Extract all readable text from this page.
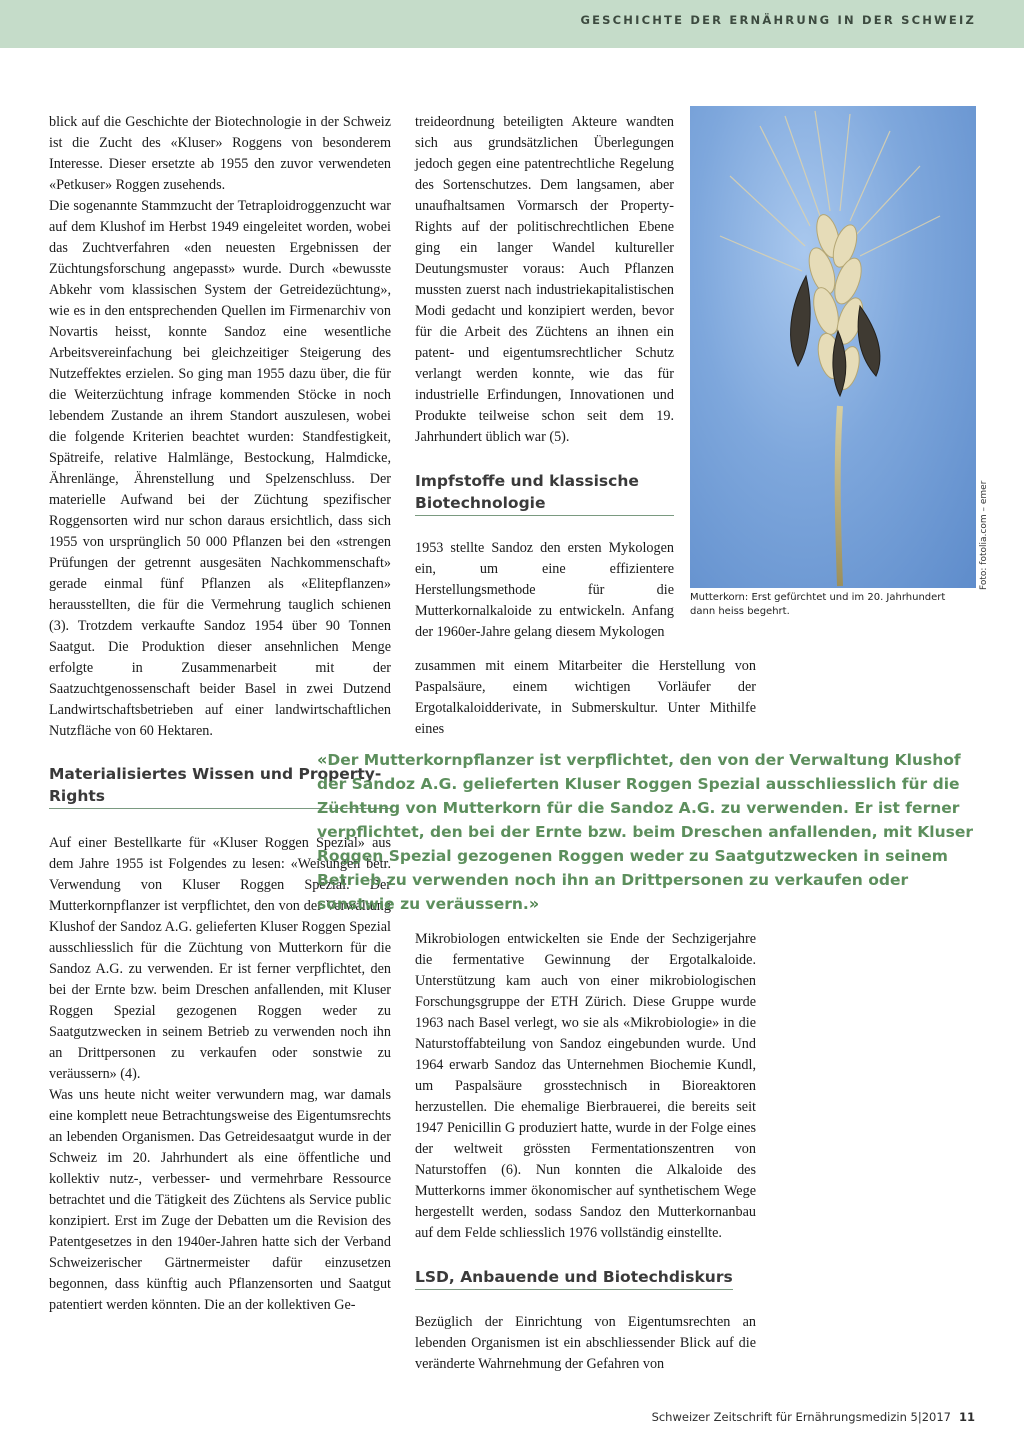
GESCHICHTE DER ERNÄHRUNG IN DER SCHWEIZ

blick auf die Geschichte der Biotechnologie in der Schweiz ist die Zucht des «Kluser» Roggens von besonderem Interesse. Dieser ersetzte ab 1955 den zuvor verwendeten «Petkuser» Roggen zusehends.

Die sogenannte Stammzucht der Tetraploidroggenzucht war auf dem Klushof im Herbst 1949 eingeleitet worden, wobei das Zuchtverfahren «den neuesten Ergebnissen der Züchtungsforschung angepasst» wurde. Durch «bewusste Abkehr vom klassischen System der Getreidezüchtung», wie es in den entsprechenden Quellen im Firmenarchiv von Novartis heisst, konnte Sandoz eine wesentliche Arbeitsvereinfachung bei gleichzeitiger Steigerung des Nutzeffektes erzielen. So ging man 1955 dazu über, die für die Weiterzüchtung infrage kommenden Stöcke in noch lebendem Zustande an ihrem Standort auszulesen, wobei die folgende Kriterien beachtet wurden: Standfestigkeit, Spätreife, relative Halmlänge, Bestockung, Halmdicke, Ährenlänge, Ährenstellung und Spelzenschluss. Der materielle Aufwand bei der Züchtung spezifischer Roggensorten wird nur schon daraus ersichtlich, dass sich 1955 von ursprünglich 50 000 Pflanzen bei den «strengen Prüfungen der getrennt ausgesäten Nachkommenschaft» gerade einmal fünf Pflanzen als «Elitepflanzen» herausstellten, die für die Vermehrung tauglich schienen (3). Trotzdem verkaufte Sandoz 1954 über 90 Tonnen Saatgut. Die Produktion dieser ansehnlichen Menge erfolgte in Zusammenarbeit mit der Saatzuchtgenossenschaft beider Basel in zwei Dutzend Landwirtschaftsbetrieben auf einer landwirtschaftlichen Nutzfläche von 60 Hektaren.

Materialisiertes Wissen und Property-Rights

Auf einer Bestellkarte für «Kluser Roggen Spezial» aus dem Jahre 1955 ist Folgendes zu lesen: «Weisungen betr. Verwendung von Kluser Roggen Spezial. Der Mutterkornpflanzer ist verpflichtet, den von der Verwaltung Klushof der Sandoz A.G. gelieferten Kluser Roggen Spezial ausschliesslich für die Züchtung von Mutterkorn für die Sandoz A.G. zu verwenden. Er ist ferner verpflichtet, den bei der Ernte bzw. beim Dreschen anfallenden, mit Kluser Roggen Spezial gezogenen Roggen weder zu Saatgutzwecken in seinem Betrieb zu verwenden noch ihn an Drittpersonen zu verkaufen oder sonstwie zu veräussern» (4).

Was uns heute nicht weiter verwundern mag, war damals eine komplett neue Betrachtungsweise des Eigentumsrechts an lebenden Organismen. Das Getreidesaatgut wurde in der Schweiz im 20. Jahrhundert als eine öffentliche und kollektiv nutz-, verbesser- und vermehrbare Ressource betrachtet und die Tätigkeit des Züchtens als Service public konzipiert. Erst im Zuge der Debatten um die Revision des Patentgesetzes in den 1940er-Jahren hatte sich der Verband Schweizerischer Gärtnermeister dafür einzusetzen begonnen, dass künftig auch Pflanzensorten und Saatgut patentiert werden könnten. Die an der kollektiven Ge-

treideordnung beteiligten Akteure wandten sich aus grundsätzlichen Überlegungen jedoch gegen eine patentrechtliche Regelung des Sortenschutzes. Dem langsamen, aber unaufhaltsamen Vormarsch der Property-Rights auf der politischrechtlichen Ebene ging ein langer Wandel kultureller Deutungsmuster voraus: Auch Pflanzen mussten zuerst nach industriekapitalistischen Modi gedacht und konzipiert werden, bevor für die Arbeit des Züchtens an ihnen ein patent- und eigentumsrechtlicher Schutz verlangt werden konnte, wie das für industrielle Erfindungen, Innovationen und Produkte teilweise schon seit dem 19. Jahrhundert üblich war (5).

Impfstoffe und klassische Biotechnologie

1953 stellte Sandoz den ersten Mykologen ein, um eine effizientere Herstellungsmethode für die Mutterkornalkaloide zu entwickeln. Anfang der 1960er-Jahre gelang diesem Mykologen

zusammen mit einem Mitarbeiter die Herstellung von Paspalsäure, einem wichtigen Vorläufer der Ergotalkaloidderivate, in Submerskultur. Unter Mithilfe eines

Mutterkorn: Erst gefürchtet und im 20. Jahrhundert dann heiss begehrt.
Foto: fotolia.com – emer
«Der Mutterkornpflanzer ist verpflichtet, den von der Verwaltung Klushof der Sandoz A.G. gelieferten Kluser Roggen Spezial ausschliesslich für die Züchtung von Mutterkorn für die Sandoz A.G. zu verwenden. Er ist ferner verpflichtet, den bei der Ernte bzw. beim Dreschen anfallenden, mit Kluser Roggen Spezial gezogenen Roggen weder zu Saatgutzwecken in seinem Betrieb zu verwenden noch ihn an Drittpersonen zu verkaufen oder sonstwie zu veräussern.»

Mikrobiologen entwickelten sie Ende der Sechzigerjahre die fermentative Gewinnung der Ergotalkaloide. Unterstützung kam auch von einer mikrobiologischen Forschungsgruppe der ETH Zürich. Diese Gruppe wurde 1963 nach Basel verlegt, wo sie als «Mikrobiologie» in die Naturstoffabteilung von Sandoz eingebunden wurde. Und 1964 erwarb Sandoz das Unternehmen Biochemie Kundl, um Paspalsäure grosstechnisch in Bioreaktoren herzustellen. Die ehemalige Bierbrauerei, die bereits seit 1947 Penicillin G produziert hatte, wurde in der Folge eines der weltweit grössten Fermentationszentren von Naturstoffen (6). Nun konnten die Alkaloide des Mutterkorns immer ökonomischer auf synthetischem Wege hergestellt werden, sodass Sandoz den Mutterkornanbau auf dem Felde schliesslich 1976 vollständig einstellte.

LSD, Anbauende und Biotechdiskurs

Bezüglich der Einrichtung von Eigentumsrechten an lebenden Organismen ist ein abschliessender Blick auf die veränderte Wahrnehmung der Gefahren von

Schweizer Zeitschrift für Ernährungsmedizin 5|2017 11
